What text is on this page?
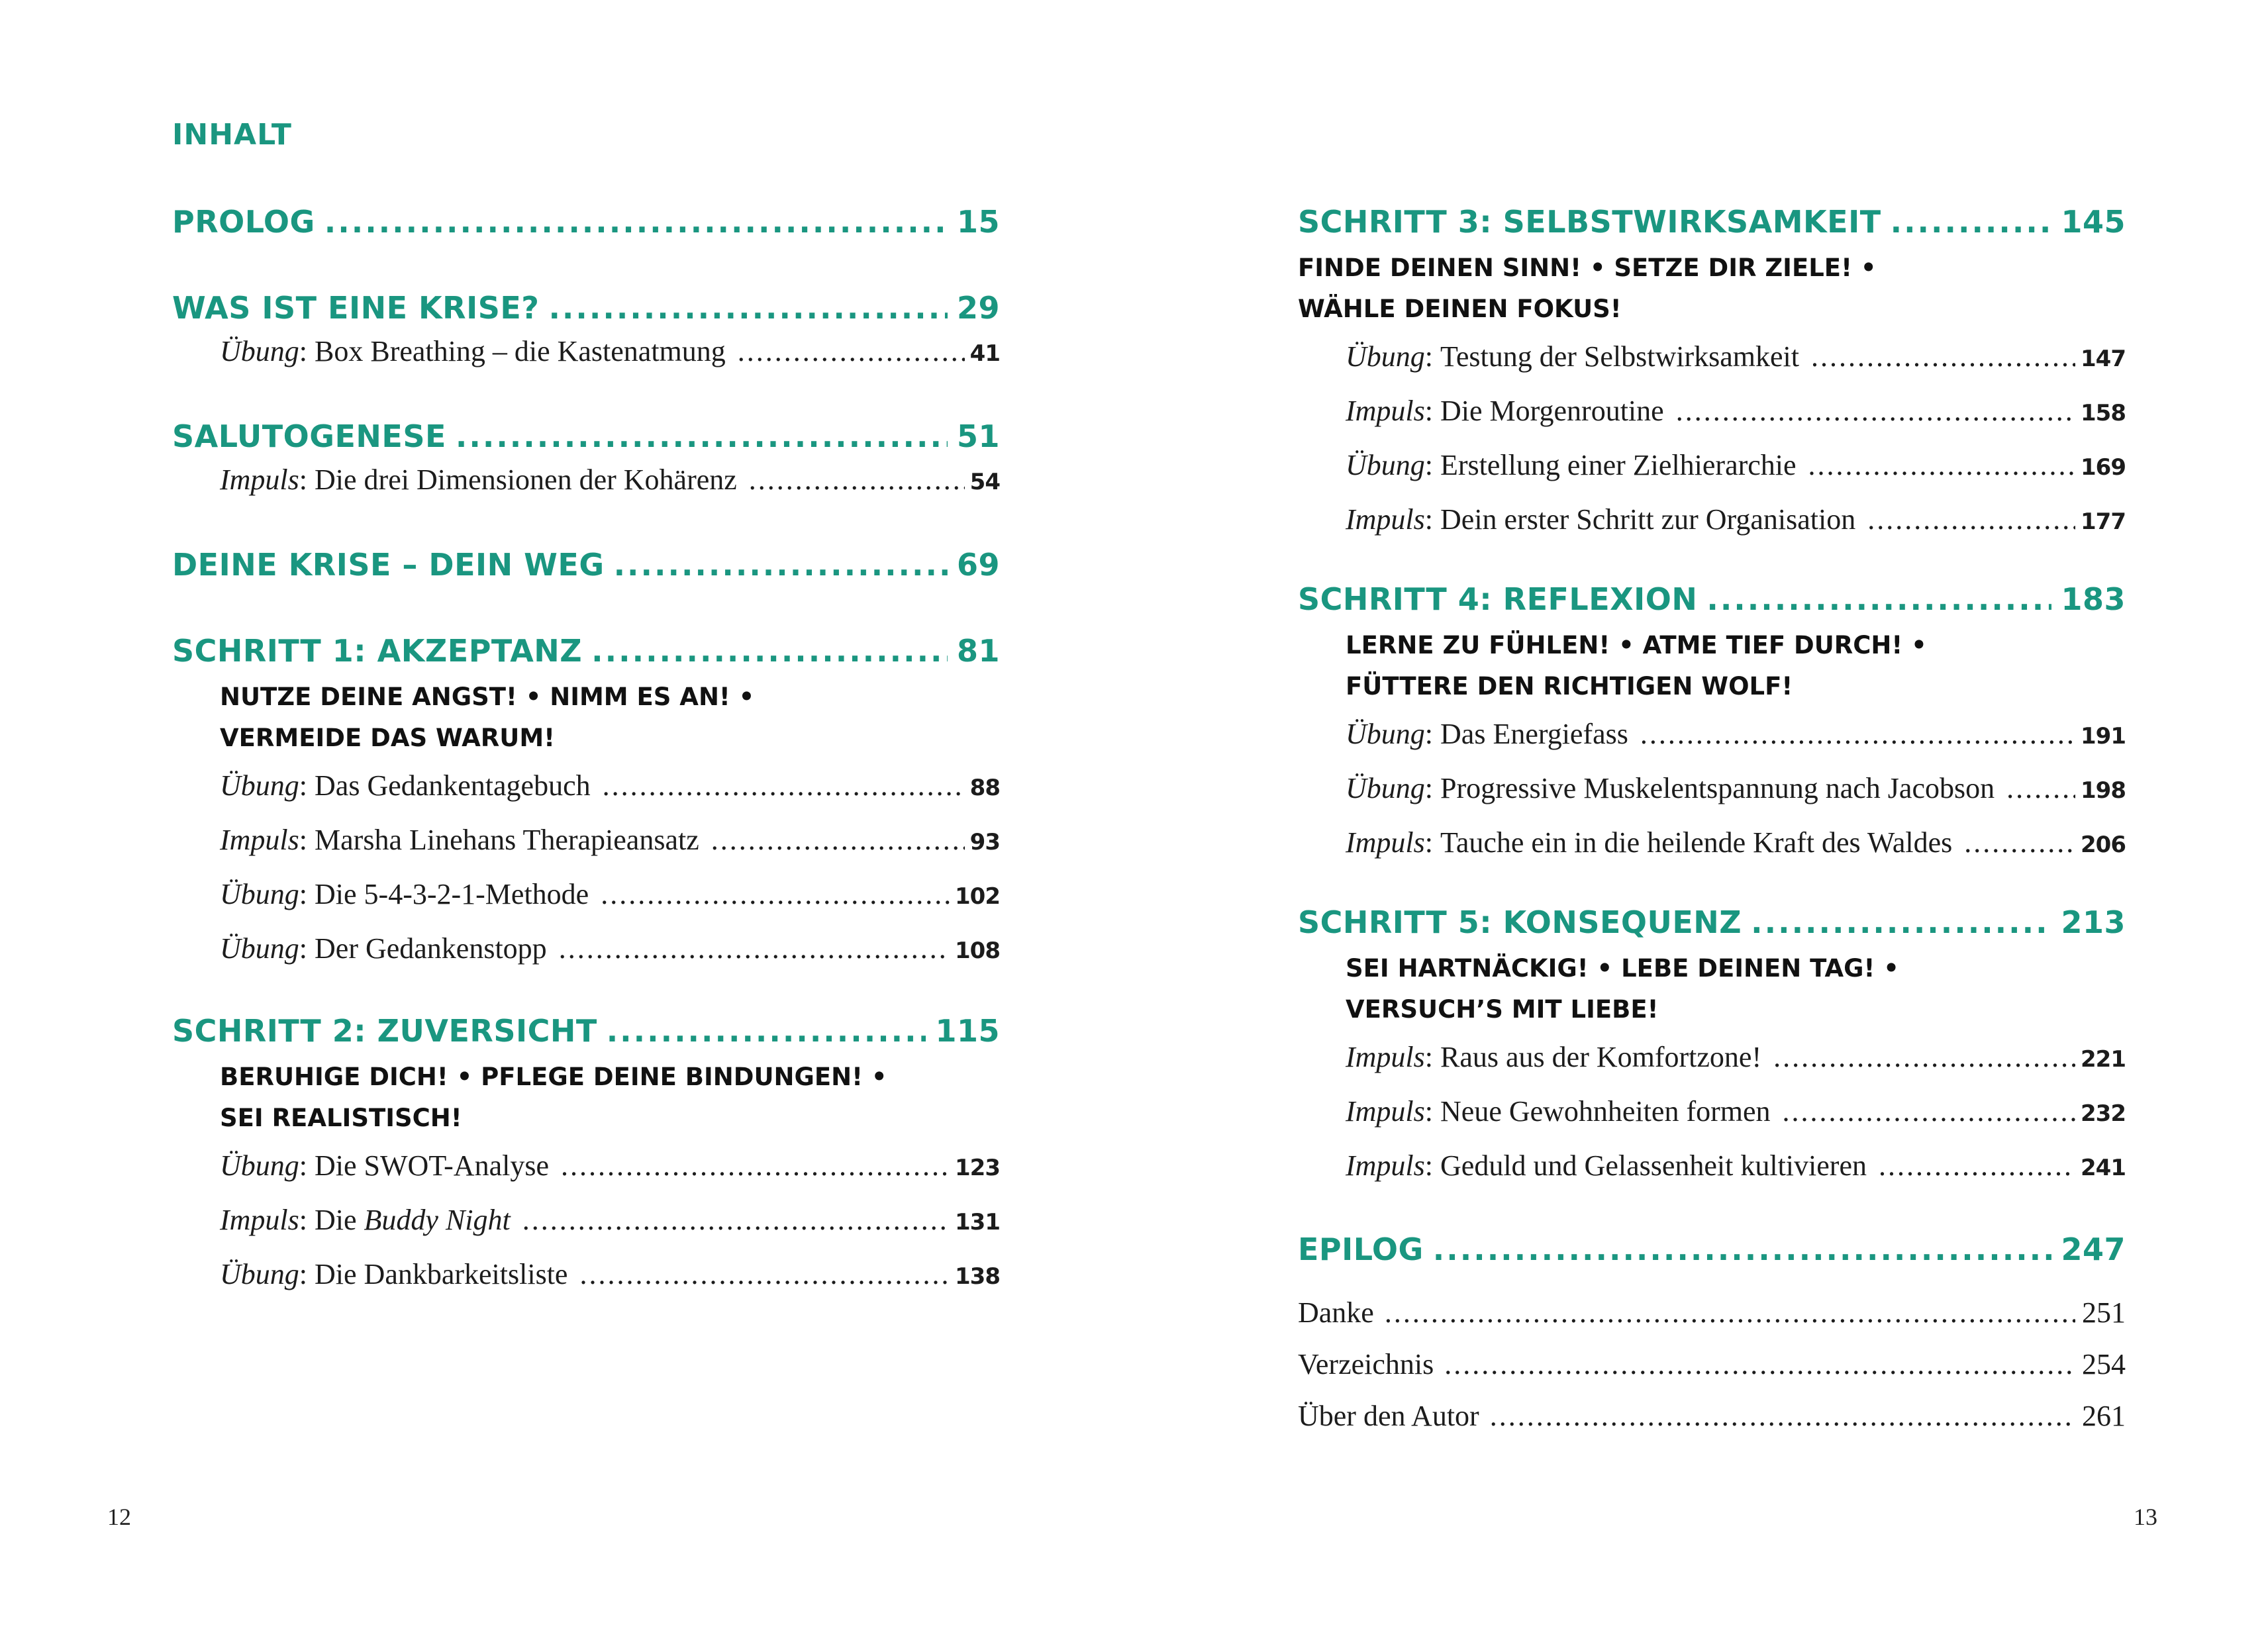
INHALT
PROLOG .....	15
WAS IST EINE KRISE? .....	29
Übung : Box Breathing – die Kastenatmung .....	41
SALUTOGENESE .....	51
Impuls : Die drei Dimensionen der Kohärenz .....	54
DEINE KRISE – DEIN WEG .....	69
SCHRITT 1: AKZEPTANZ .....	81
NUTZE DEINE ANGST! • NIMM ES AN! •
VERMEIDE DAS WARUM!
Übung : Das Gedankentagebuch .....	88
Impuls : Marsha Linehans Therapieansatz .....	93
Übung : Die 5-4-3-2-1-Methode .....	102
Übung : Der Gedankenstopp .....	108
SCHRITT 2: ZUVERSICHT .....	115
BERUHIGE DICH! • PFLEGE DEINE BINDUNGEN! •
SEI REALISTISCH!
Übung : Die SWOT-Analyse .....	123
Impuls : Die Buddy Night .....	131
Übung : Die Dankbarkeitsliste .....	138
12
SCHRITT 3: SELBSTWIRKSAMKEIT .....	145
FINDE DEINEN SINN! • SETZE DIR ZIELE! •
WÄHLE DEINEN FOKUS!
Übung : Testung der Selbstwirksamkeit .....	147
Impuls : Die Morgenroutine .....	158
Übung : Erstellung einer Zielhierarchie .....	169
Impuls : Dein erster Schritt zur Organisation .....	177
SCHRITT 4: REFLEXION .....	183
LERNE ZU FÜHLEN! • ATME TIEF DURCH! •
FÜTTERE DEN RICHTIGEN WOLF!
Übung : Das Energiefass .....	191
Übung : Progressive Muskelentspannung nach Jacobson .....	198
Impuls : Tauche ein in die heilende Kraft des Waldes .....	206
SCHRITT 5: KONSEQUENZ .....	213
SEI HARTNÄCKIG! • LEBE DEINEN TAG! •
VERSUCH’S MIT LIEBE!
Impuls : Raus aus der Komfortzone! .....	221
Impuls : Neue Gewohnheiten formen .....	232
Impuls : Geduld und Gelassenheit kultivieren .....	241
EPILOG .....	247
Danke .....	251
Verzeichnis .....	254
Über den Autor .....	261
13
